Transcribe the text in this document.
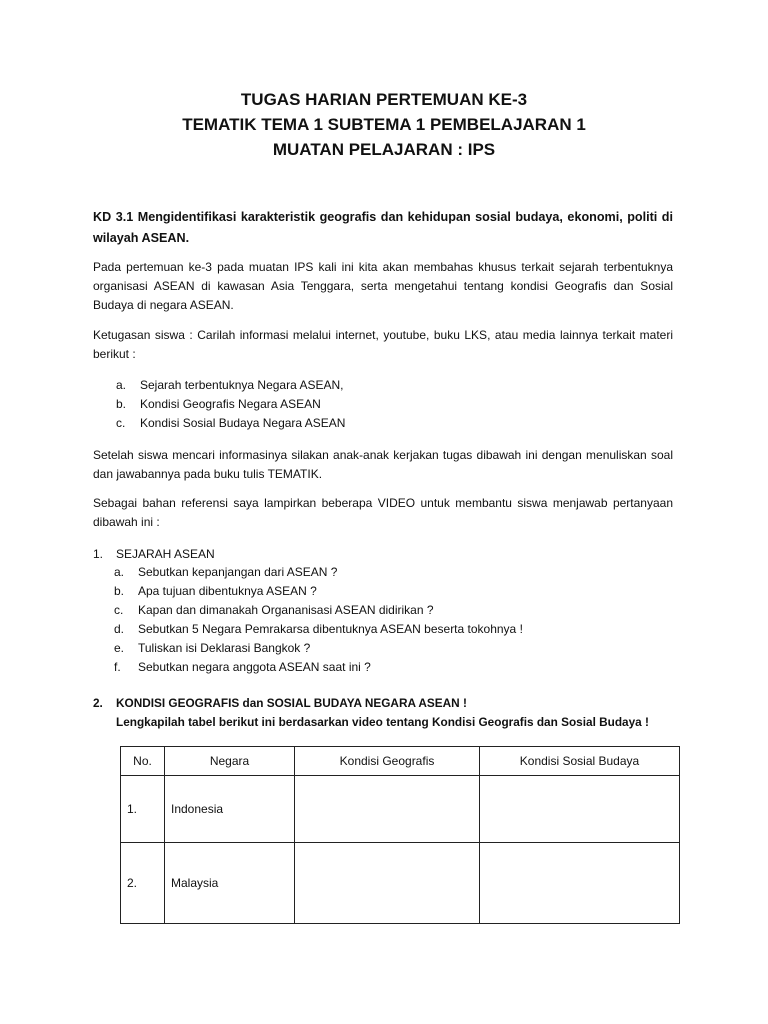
TUGAS HARIAN PERTEMUAN KE-3
TEMATIK TEMA 1 SUBTEMA 1 PEMBELAJARAN 1
MUATAN PELAJARAN : IPS
KD 3.1 Mengidentifikasi karakteristik geografis dan kehidupan sosial budaya, ekonomi, politi di wilayah ASEAN.
Pada pertemuan ke-3 pada muatan IPS kali ini kita akan membahas khusus terkait sejarah terbentuknya organisasi ASEAN di kawasan Asia Tenggara, serta mengetahui tentang kondisi Geografis dan Sosial Budaya di negara ASEAN.
Ketugasan siswa : Carilah informasi melalui internet, youtube, buku LKS, atau media lainnya terkait materi berikut :
a. Sejarah terbentuknya Negara ASEAN,
b. Kondisi Geografis Negara ASEAN
c. Kondisi Sosial Budaya Negara ASEAN
Setelah siswa mencari informasinya silakan anak-anak kerjakan tugas dibawah ini dengan menuliskan soal dan jawabannya pada buku tulis TEMATIK.
Sebagai bahan referensi saya lampirkan beberapa VIDEO untuk membantu siswa menjawab pertanyaan dibawah ini :
1. SEJARAH ASEAN
a. Sebutkan kepanjangan dari ASEAN ?
b. Apa tujuan dibentuknya ASEAN ?
c. Kapan dan dimanakah Organanisasi ASEAN didirikan ?
d. Sebutkan 5 Negara Pemrakarsa dibentuknya ASEAN beserta tokohnya !
e. Tuliskan isi Deklarasi Bangkok ?
f. Sebutkan negara anggota ASEAN saat ini ?
2. KONDISI GEOGRAFIS dan SOSIAL BUDAYA NEGARA ASEAN !
Lengkapilah tabel berikut ini berdasarkan video tentang Kondisi Geografis dan Sosial Budaya !
No.	Negara	Kondisi Geografis	Kondisi Sosial Budaya
1.	Indonesia		
2.	Malaysia		
